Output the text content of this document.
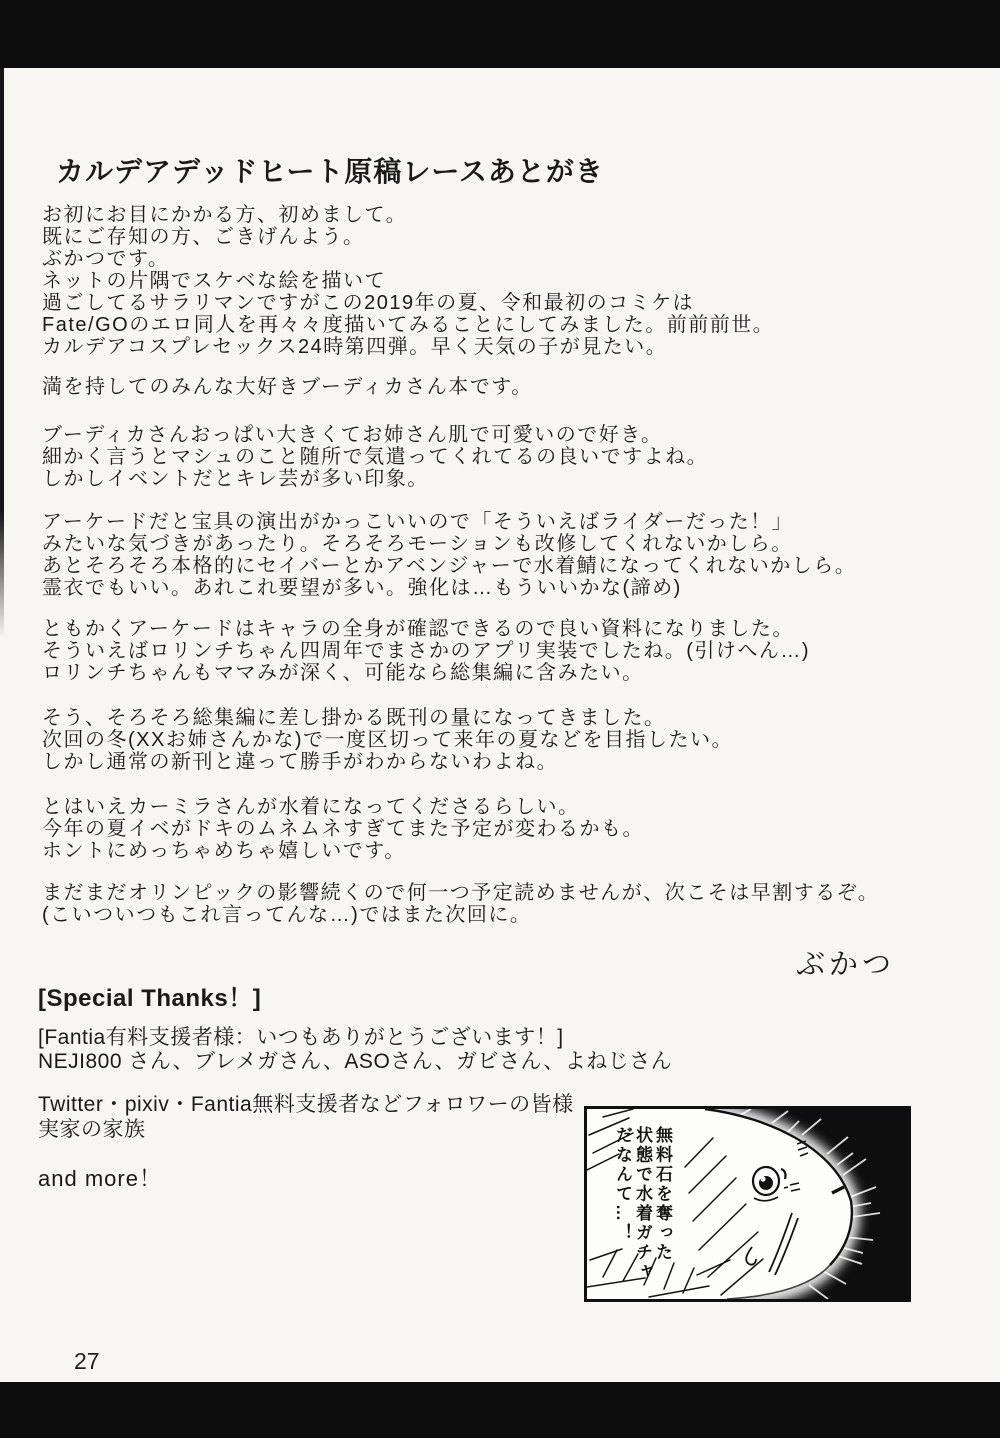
カルデアデッドヒート原稿レースあとがき
お初にお目にかかる方、初めまして。
既にご存知の方、ごきげんよう。
ぶかつです。
ネットの片隅でスケベな絵を描いて
過ごしてるサラリマンですがこの2019年の夏、令和最初のコミケは
Fate/GOのエロ同人を再々々度描いてみることにしてみました。前前前世。
カルデアコスプレセックス24時第四弾。早く天気の子が見たい。
満を持してのみんな大好きブーディカさん本です。
ブーディカさんおっぱい大きくてお姉さん肌で可愛いので好き。
細かく言うとマシュのこと随所で気遣ってくれてるの良いですよね。
しかしイベントだとキレ芸が多い印象。
アーケードだと宝具の演出がかっこいいので「そういえばライダーだった！」
みたいな気づきがあったり。そろそろモーションも改修してくれないかしら。
あとそろそろ本格的にセイバーとかアベンジャーで水着鯖になってくれないかしら。
霊衣でもいい。あれこれ要望が多い。強化は…もういいかな(諦め)
ともかくアーケードはキャラの全身が確認できるので良い資料になりました。
そういえばロリンチちゃん四周年でまさかのアプリ実装でしたね。(引けへん…)
ロリンチちゃんもママみが深く、可能なら総集編に含みたい。
そう、そろそろ総集編に差し掛かる既刊の量になってきました。
次回の冬(XXお姉さんかな)で一度区切って来年の夏などを目指したい。
しかし通常の新刊と違って勝手がわからないわよね。
とはいえカーミラさんが水着になってくださるらしい。
今年の夏イベがドキのムネムネすぎてまた予定が変わるかも。
ホントにめっちゃめちゃ嬉しいです。
まだまだオリンピックの影響続くので何一つ予定読めませんが、次こそは早割するぞ。
(こいついつもこれ言ってんな…)ではまた次回に。
ぶかつ
[Special Thanks！]
[Fantia有料支援者様：いつもありがとうございます！]
NEJI800 さん、ブレメガさん、ASOさん、ガビさん、よねじさん
Twitter・pixiv・Fantia無料支援者などフォロワーの皆様
実家の家族
and more！	無料石を奪った
状態で水着ガチャ
だなんて…！
27
